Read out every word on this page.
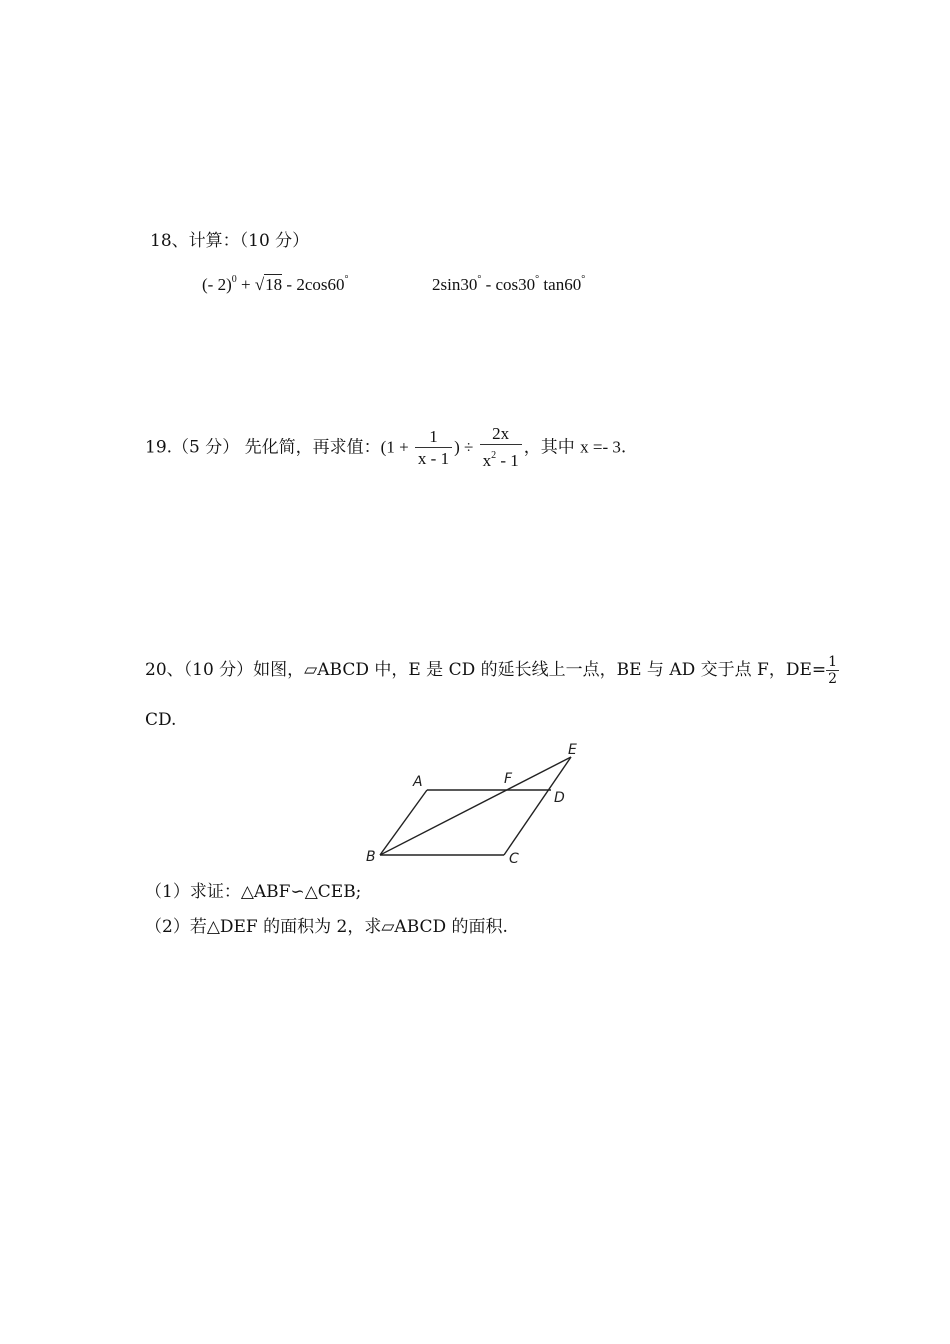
18、计算：（10 分）
(- 2)$^0$ + √18 - 2cos60°	2sin30° - cos30° tan60°
19.（5 分） 先化简，再求值：($1 + \frac{1}{x - 1}$ ) ÷ $\frac{2x}{x^2 - 1}$ ，其中 x =- 3.
20、（10 分）如图，▱ABCD 中，E 是 CD 的延长线上一点，BE 与 AD 交于点 F，$DE= \frac{1}{2}$
CD.
A	F
E
D
B	C
（1）求证：△ABF∽△CEB;
（2）若△DEF 的面积为 2，求▱ABCD 的面积.
